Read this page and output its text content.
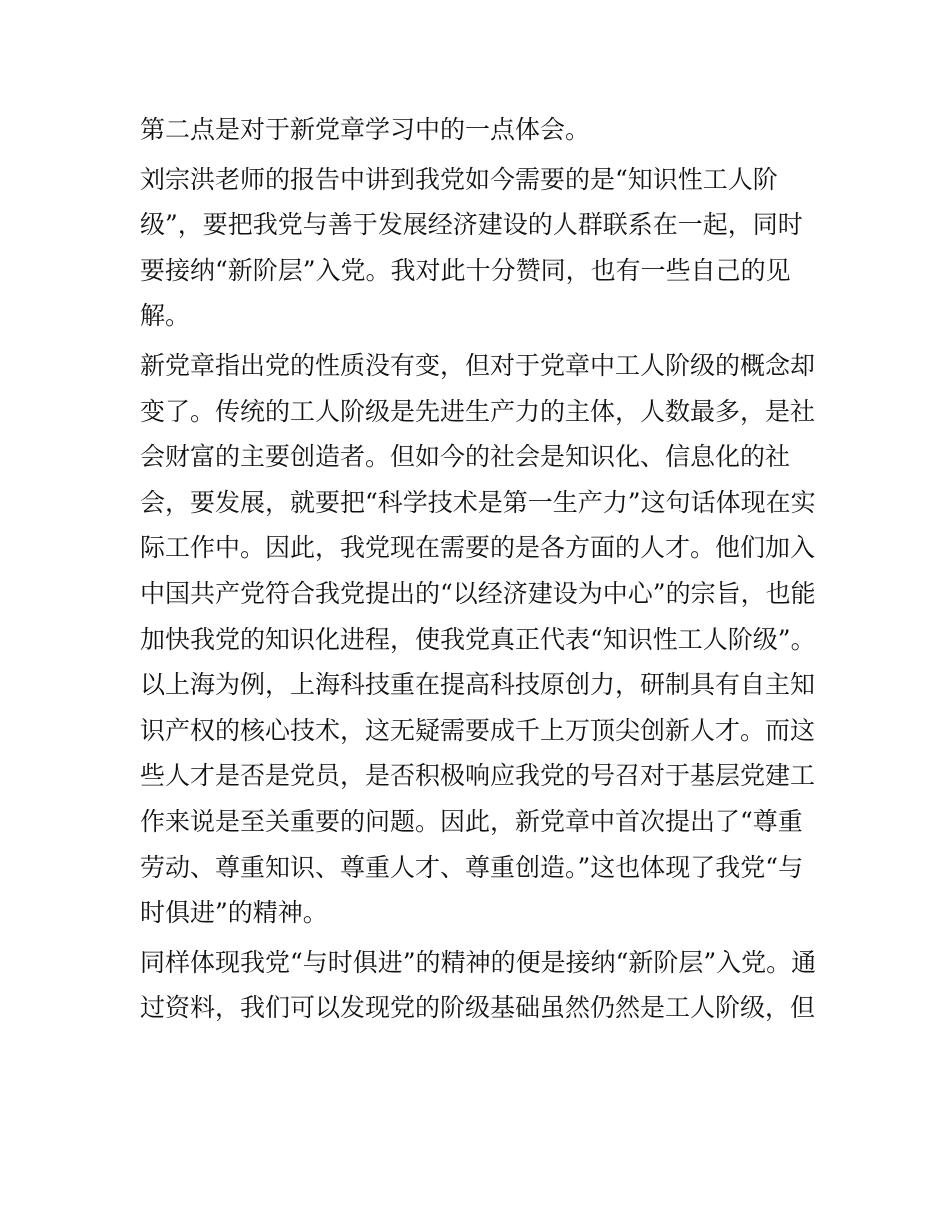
第二点是对于新党章学习中的一点体会。
刘宗洪老师的报告中讲到我党如今需要的是“知识性工人阶
级”，要把我党与善于发展经济建设的人群联系在一起，同时
要接纳“新阶层”入党。我对此十分赞同，也有一些自己的见
解。
新党章指出党的性质没有变，但对于党章中工人阶级的概念却
变了。传统的工人阶级是先进生产力的主体，人数最多，是社
会财富的主要创造者。但如今的社会是知识化、信息化的社
会，要发展，就要把“科学技术是第一生产力”这句话体现在实
际工作中。因此，我党现在需要的是各方面的人才。他们加入
中国共产党符合我党提出的“以经济建设为中心”的宗旨，也能
加快我党的知识化进程，使我党真正代表“知识性工人阶级”。
以上海为例，上海科技重在提高科技原创力，研制具有自主知
识产权的核心技术，这无疑需要成千上万顶尖创新人才。而这
些人才是否是党员，是否积极响应我党的号召对于基层党建工
作来说是至关重要的问题。因此，新党章中首次提出了“尊重
劳动、尊重知识、尊重人才、尊重创造。”这也体现了我党“与
时俱进”的精神。
同样体现我党“与时俱进”的精神的便是接纳“新阶层”入党。通
过资料，我们可以发现党的阶级基础虽然仍然是工人阶级，但
